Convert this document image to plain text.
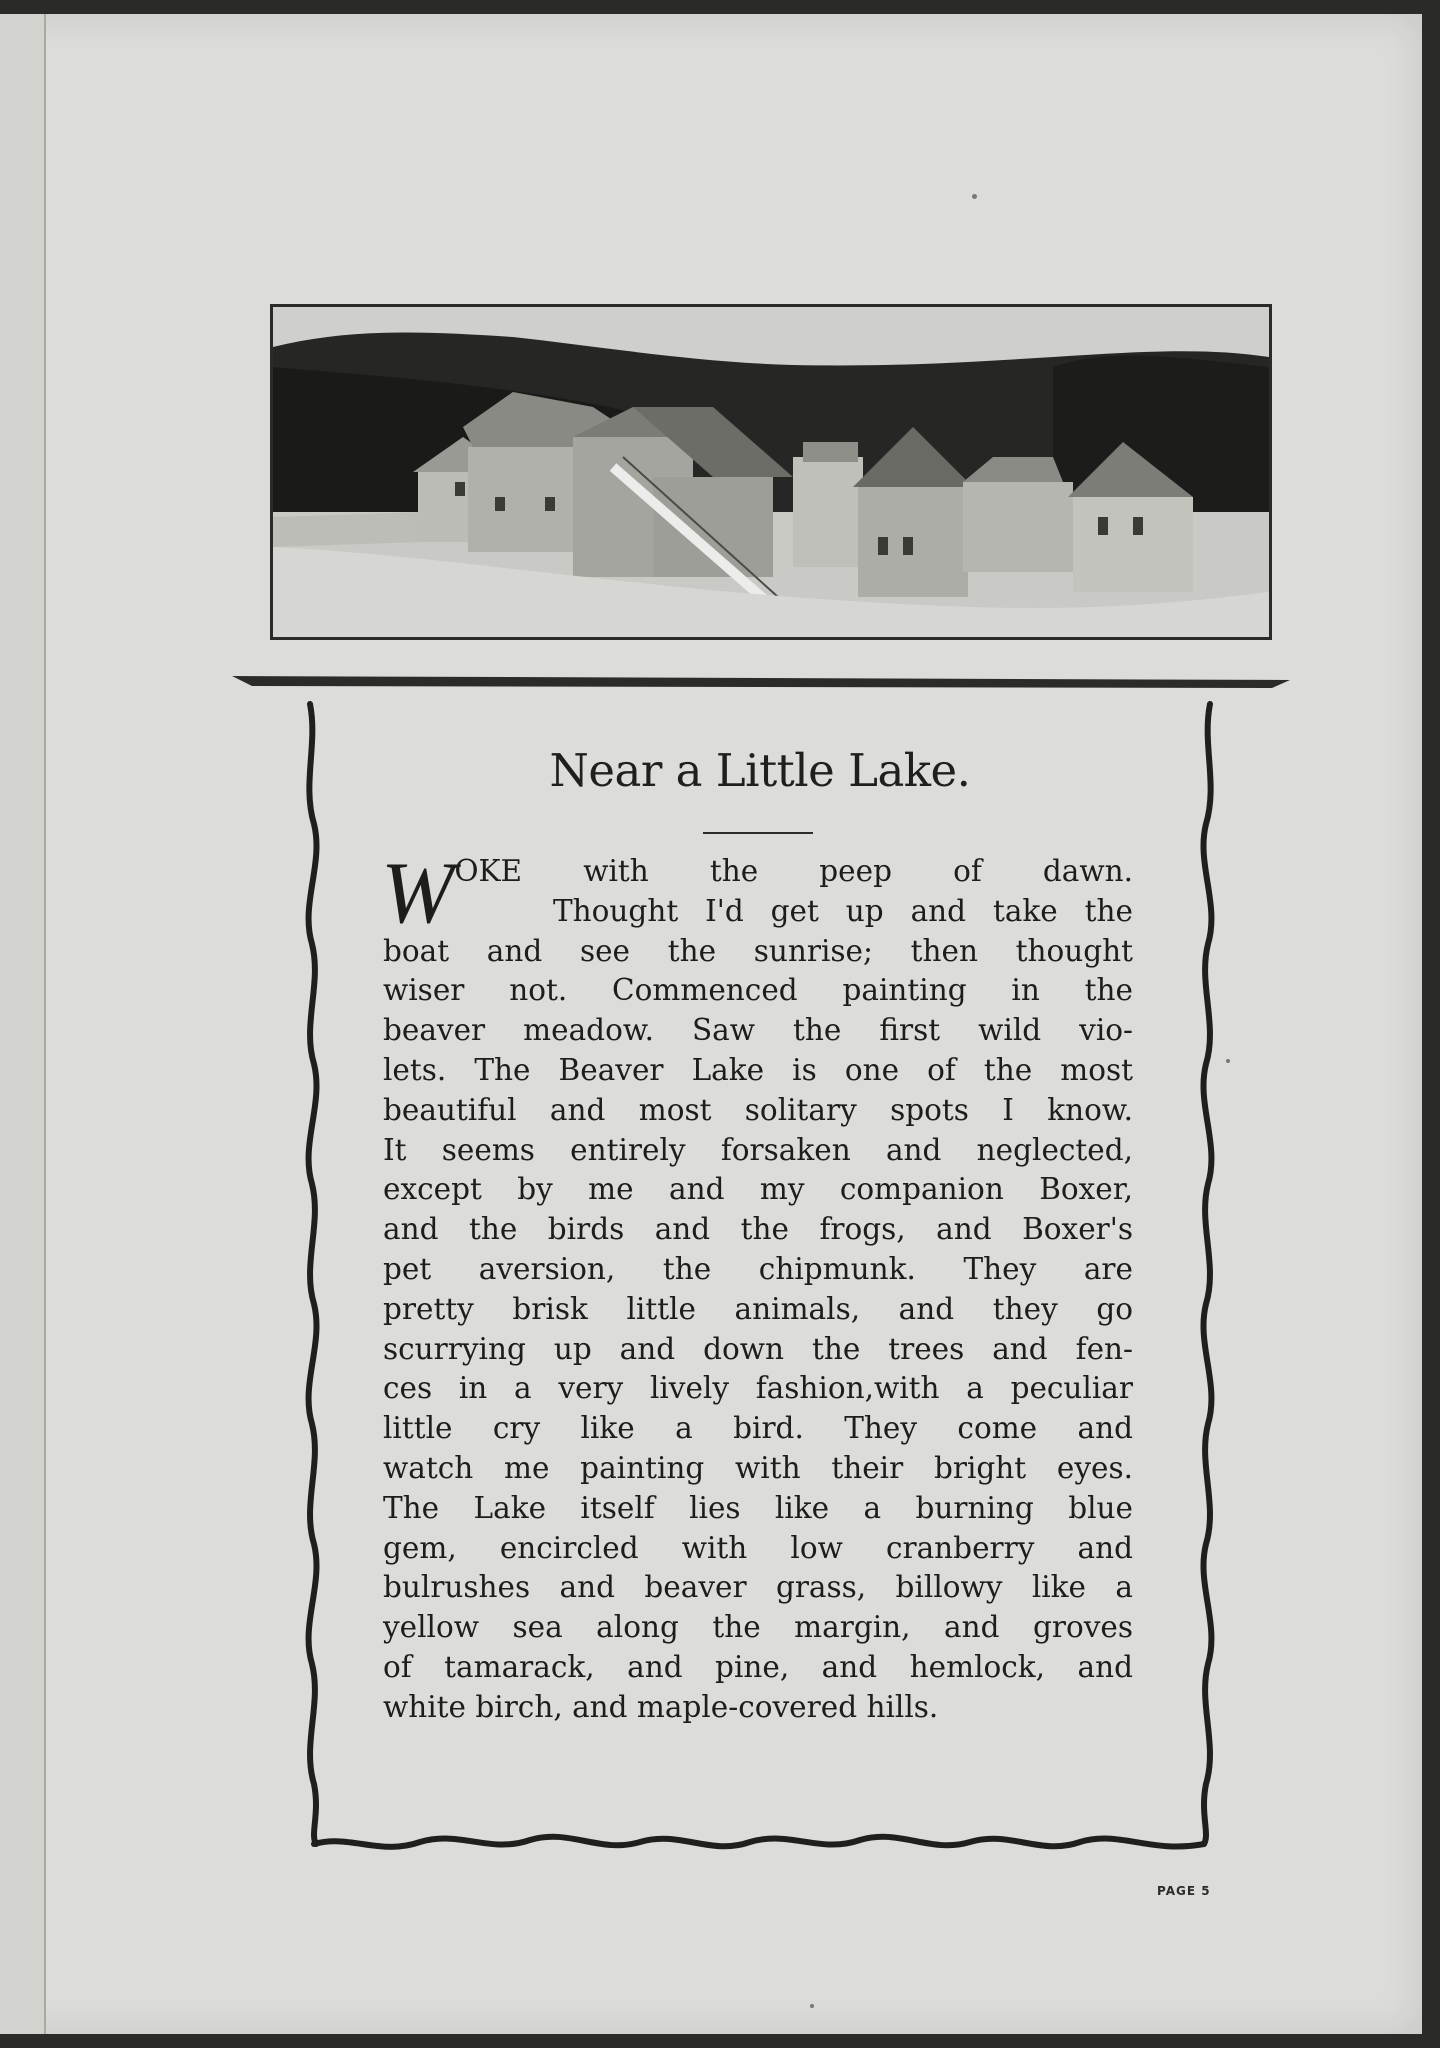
Near a Little Lake.
W OKE with the peep of dawn.
Thought I'd get up and take the
boat and see the sunrise; then thought
wiser not. Commenced painting in the
beaver meadow. Saw the first wild vio-
lets. The Beaver Lake is one of the most
beautiful and most solitary spots I know.
It seems entirely forsaken and neglected,
except by me and my companion Boxer,
and the birds and the frogs, and Boxer's
pet aversion, the chipmunk. They are
pretty brisk little animals, and they go
scurrying up and down the trees and fen-
ces in a very lively fashion,with a peculiar
little cry like a bird. They come and
watch me painting with their bright eyes.
The Lake itself lies like a burning blue
gem, encircled with low cranberry and
bulrushes and beaver grass, billowy like a
yellow sea along the margin, and groves
of tamarack, and pine, and hemlock, and
white birch, and maple-covered hills.
PAGE 5
